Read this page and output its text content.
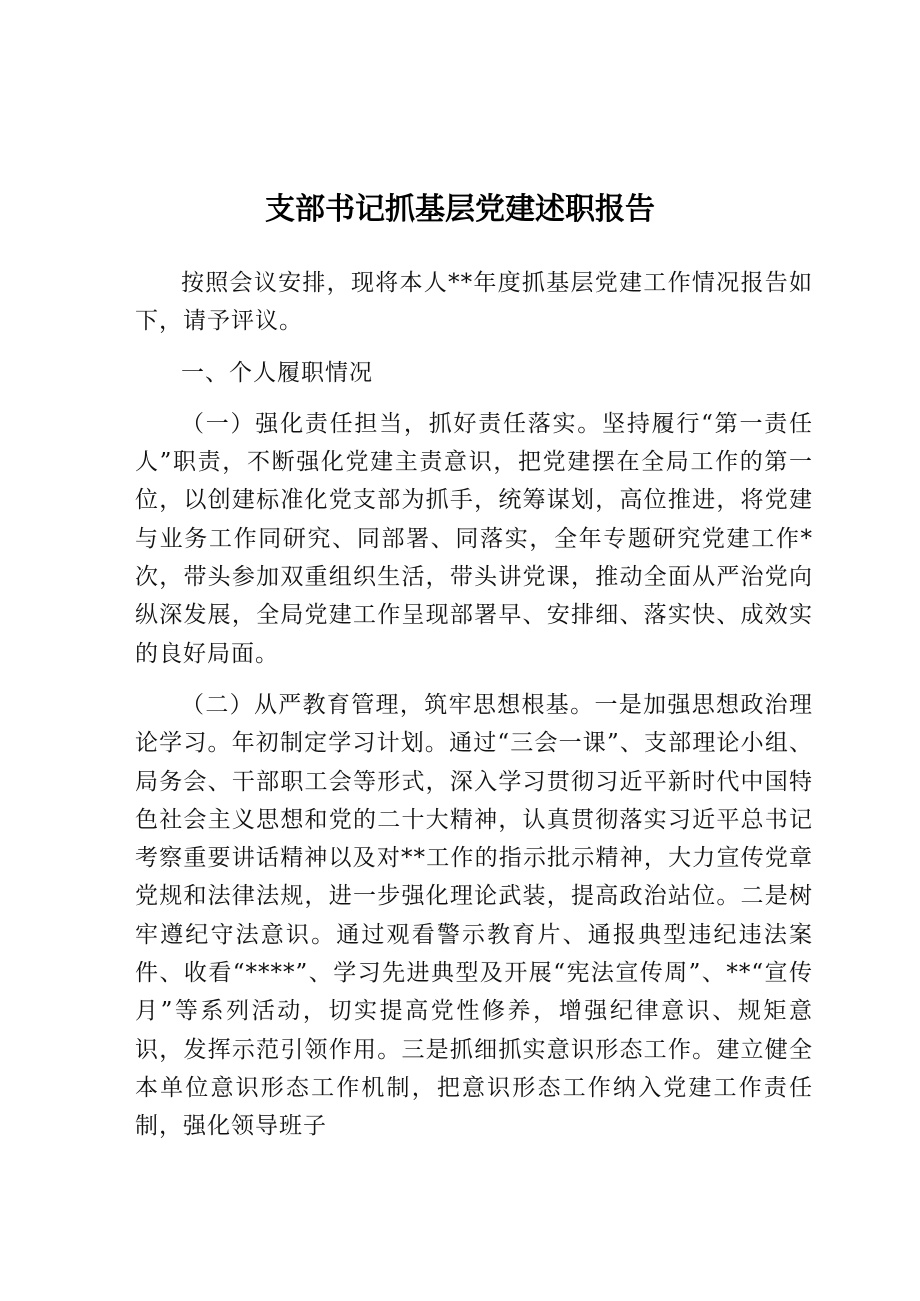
支部书记抓基层党建述职报告

按照会议安排，现将本人**年度抓基层党建工作情况报告如下，请予评议。

一、个人履职情况

（一）强化责任担当，抓好责任落实。坚持履行“第一责任人”职责，不断强化党建主责意识，把党建摆在全局工作的第一位，以创建标准化党支部为抓手，统筹谋划，高位推进，将党建与业务工作同研究、同部署、同落实，全年专题研究党建工作*次，带头参加双重组织生活，带头讲党课，推动全面从严治党向纵深发展，全局党建工作呈现部署早、安排细、落实快、成效实的良好局面。

（二）从严教育管理，筑牢思想根基。一是加强思想政治理论学习。年初制定学习计划。通过“三会一课”、支部理论小组、局务会、干部职工会等形式，深入学习贯彻习近平新时代中国特色社会主义思想和党的二十大精神，认真贯彻落实习近平总书记考察重要讲话精神以及对**工作的指示批示精神，大力宣传党章党规和法律法规，进一步强化理论武装，提高政治站位。二是树牢遵纪守法意识。通过观看警示教育片、通报典型违纪违法案件、收看“****”、学习先进典型及开展“宪法宣传周”、**“宣传月”等系列活动，切实提高党性修养，增强纪律意识、规矩意识，发挥示范引领作用。三是抓细抓实意识形态工作。建立健全本单位意识形态工作机制，把意识形态工作纳入党建工作责任制，强化领导班子
